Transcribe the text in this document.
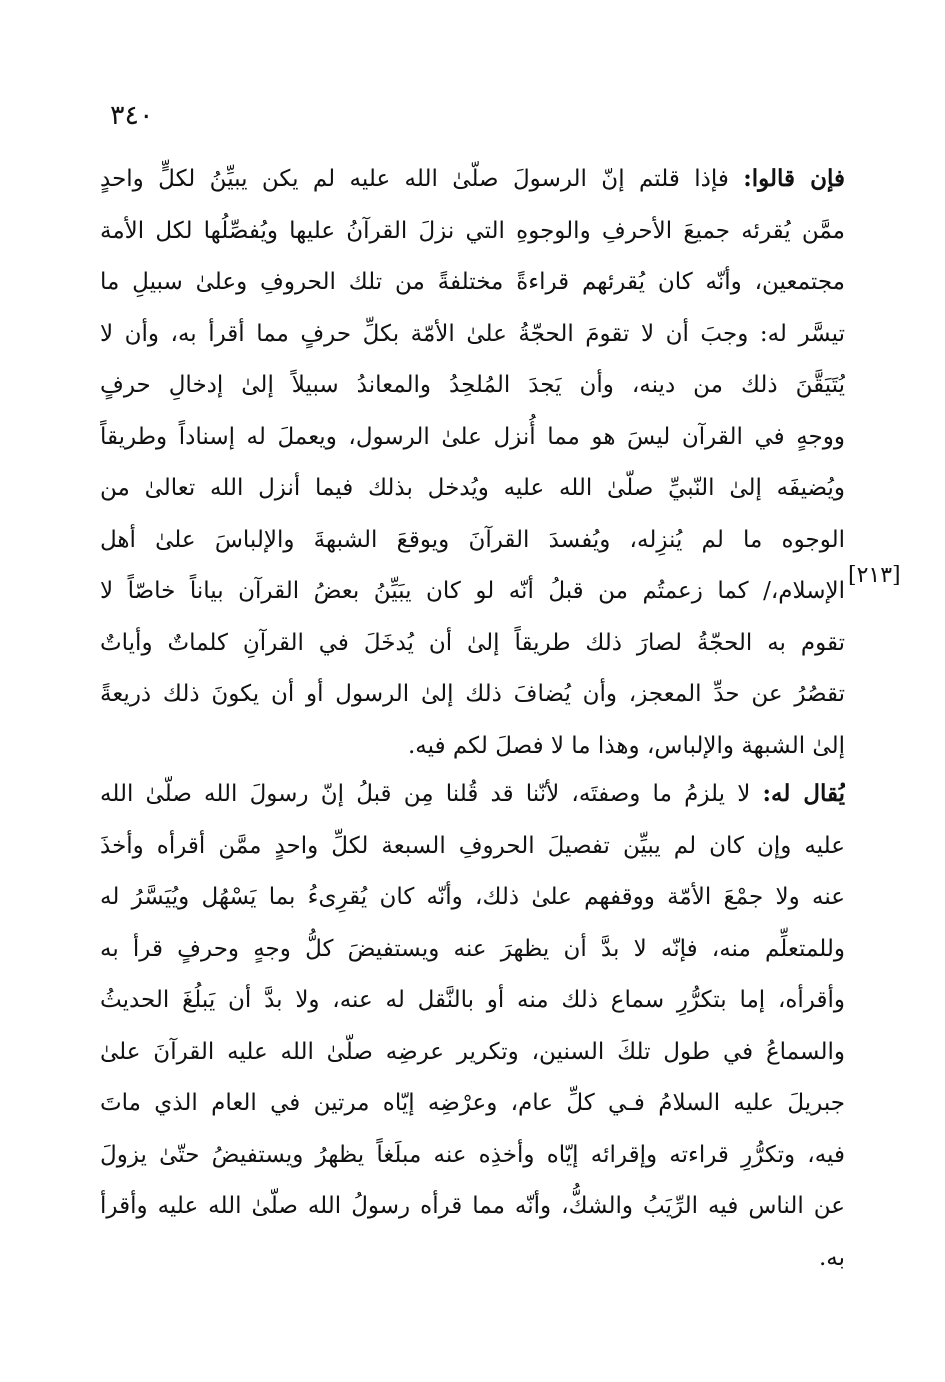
٣٤٠
[٢١٣]
فإن قالوا: فإذا قلتم إنّ الرسولَ صلّىٰ الله عليه لم يكن يبيِّنُ لكلٍّ واحدٍ
ممَّن يُقرئه جميعَ الأحرفِ والوجوهِ التي نزلَ القرآنُ عليها ويُفصِّلُها لكل الأمة
مجتمعين، وأنّه كان يُقرئهم قراءةً مختلفةً من تلك الحروفِ وعلىٰ سبيلِ ما
تيسَّر له: وجبَ أن لا تقومَ الحجّةُ علىٰ الأمّة بكلِّ حرفٍ مما أقرأ به، وأن لا
يُتَيَقَّنَ ذلك من دينه، وأن يَجدَ المُلحِدُ والمعاندُ سبيلاً إلىٰ إدخالِ حرفٍ
ووجهٍ في القرآن ليسَ هو مما أُنزل علىٰ الرسول، ويعملَ له إسناداً وطريقاً
ويُضيفَه إلىٰ النّبيِّ صلّىٰ الله عليه ويُدخل بذلك فيما أنزل الله تعالىٰ من
الوجوه ما لم يُنزِله، ويُفسدَ القرآنَ ويوقعَ الشبهةَ والإلباسَ علىٰ أهل
الإسلام،/ كما زعمتُم من قبلُ أنّه لو كان يبَيِّنُ بعضُ القرآن بياناً خاصّاً لا
تقوم به الحجّةُ لصارَ ذلك طريقاً إلىٰ أن يُدخَلَ في القرآنِ كلماتٌ وأياتٌ
تقصُرُ عن حدِّ المعجز، وأن يُضافَ ذلك إلىٰ الرسول أو أن يكونَ ذلك ذريعةً
إلىٰ الشبهة والإلباس، وهذا ما لا فصلَ لكم فيه.
يُقال له: لا يلزمُ ما وصفتَه، لأنّنا قد قُلنا مِن قبلُ إنّ رسولَ الله صلّىٰ الله
عليه وإن كان لم يبيِّن تفصيلَ الحروفِ السبعة لكلِّ واحدٍ ممَّن أقرأه وأخذَ
عنه ولا جمْعَ الأمّة ووقفهم علىٰ ذلك، وأنّه كان يُقرِىءُ بما يَسْهُل ويُيَسَّرُ له
وللمتعلِّم منه، فإنّه لا بدَّ أن يظهرَ عنه ويستفيضَ كلُّ وجهٍ وحرفٍ قرأ به
وأقرأه، إما بتكرُّرِ سماع ذلك منه أو بالنَّقل له عنه، ولا بدَّ أن يَبلُغَ الحديثُ
والسماعُ في طول تلكَ السنين، وتكرير عرضِه صلّىٰ الله عليه القرآنَ علىٰ
جبريلَ عليه السلامُ فـي كلِّ عام، وعرْضِه إيّاه مرتين في العام الذي ماتَ
فيه، وتكرُّرِ قراءته وإقرائه إيّاه وأخذِه عنه مبلَغاً يظهرُ ويستفيضُ حتّىٰ يزولَ
عن الناس فيه الرِّيَبُ والشكُّ، وأنّه مما قرأه رسولُ الله صلّىٰ الله عليه وأقرأ
به.
